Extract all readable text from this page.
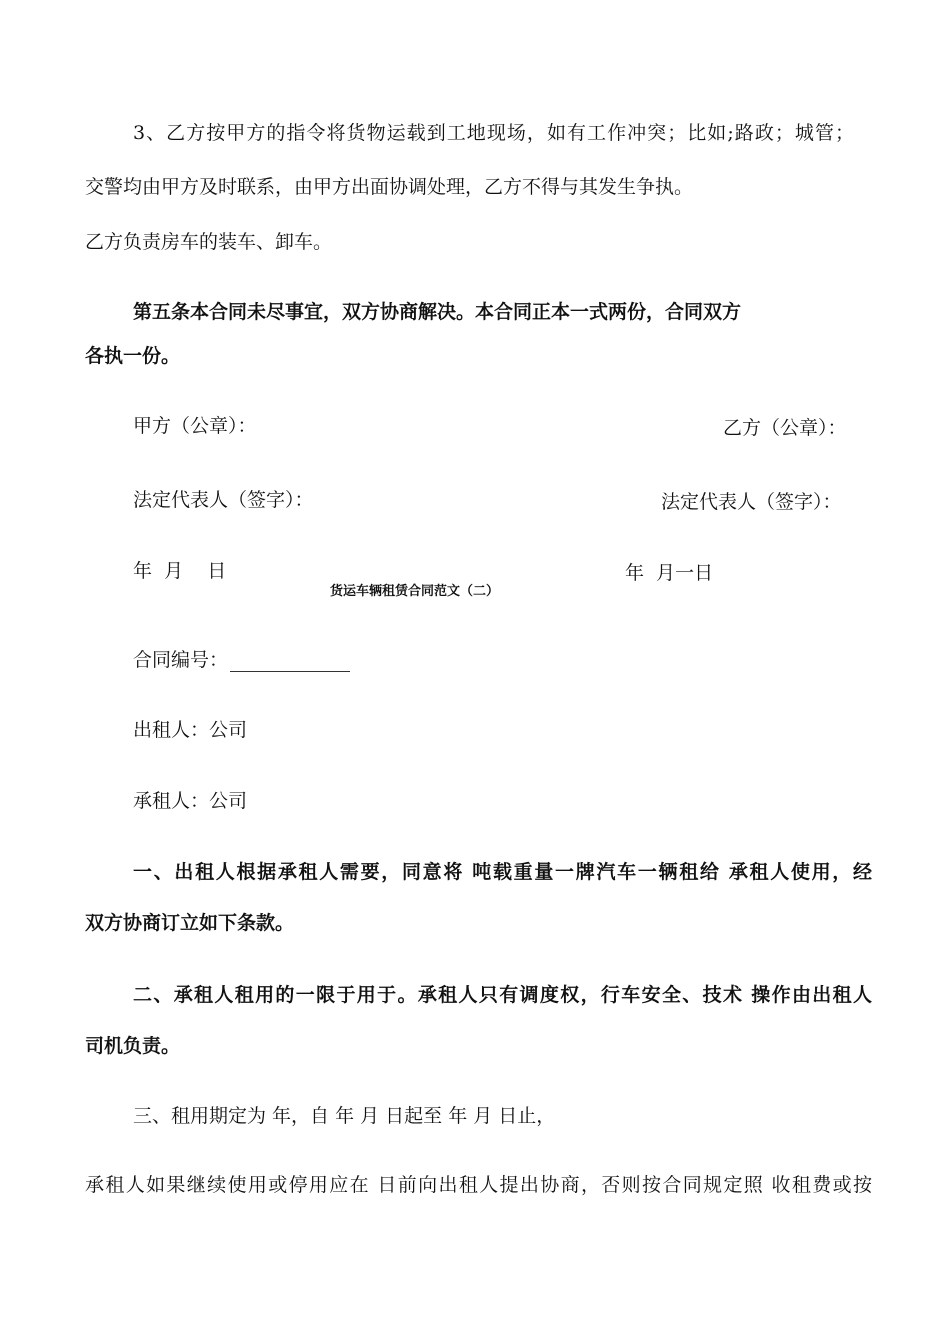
3、乙方按甲方的指令将货物运载到工地现场，如有工作冲突；比如;路政；城管；
交警均由甲方及时联系，由甲方出面协调处理，乙方不得与其发生争执。
乙方负责房车的装车、卸车。
第五条本合同未尽事宜，双方协商解决。本合同正本一式两份，合同双方
各执一份。
甲方（公章）：	乙方（公章）：
法定代表人（签字）：	法定代表人（签字）：
年  月    日	年  月一日
货运车辆租赁合同范文（二）
合同编号：
出租人：公司
承租人：公司
一、出租人根据承租人需要，同意将 吨载重量一牌汽车一辆租给 承租人使用，经
双方协商订立如下条款。
二、承租人租用的一限于用于。承租人只有调度权，行车安全、技术 操作由出租人
司机负责。
三、租用期定为 年，自 年 月 日起至 年 月 日止，
承租人如果继续使用或停用应在 日前向出租人提出协商，否则按合同规定照 收租费或按
